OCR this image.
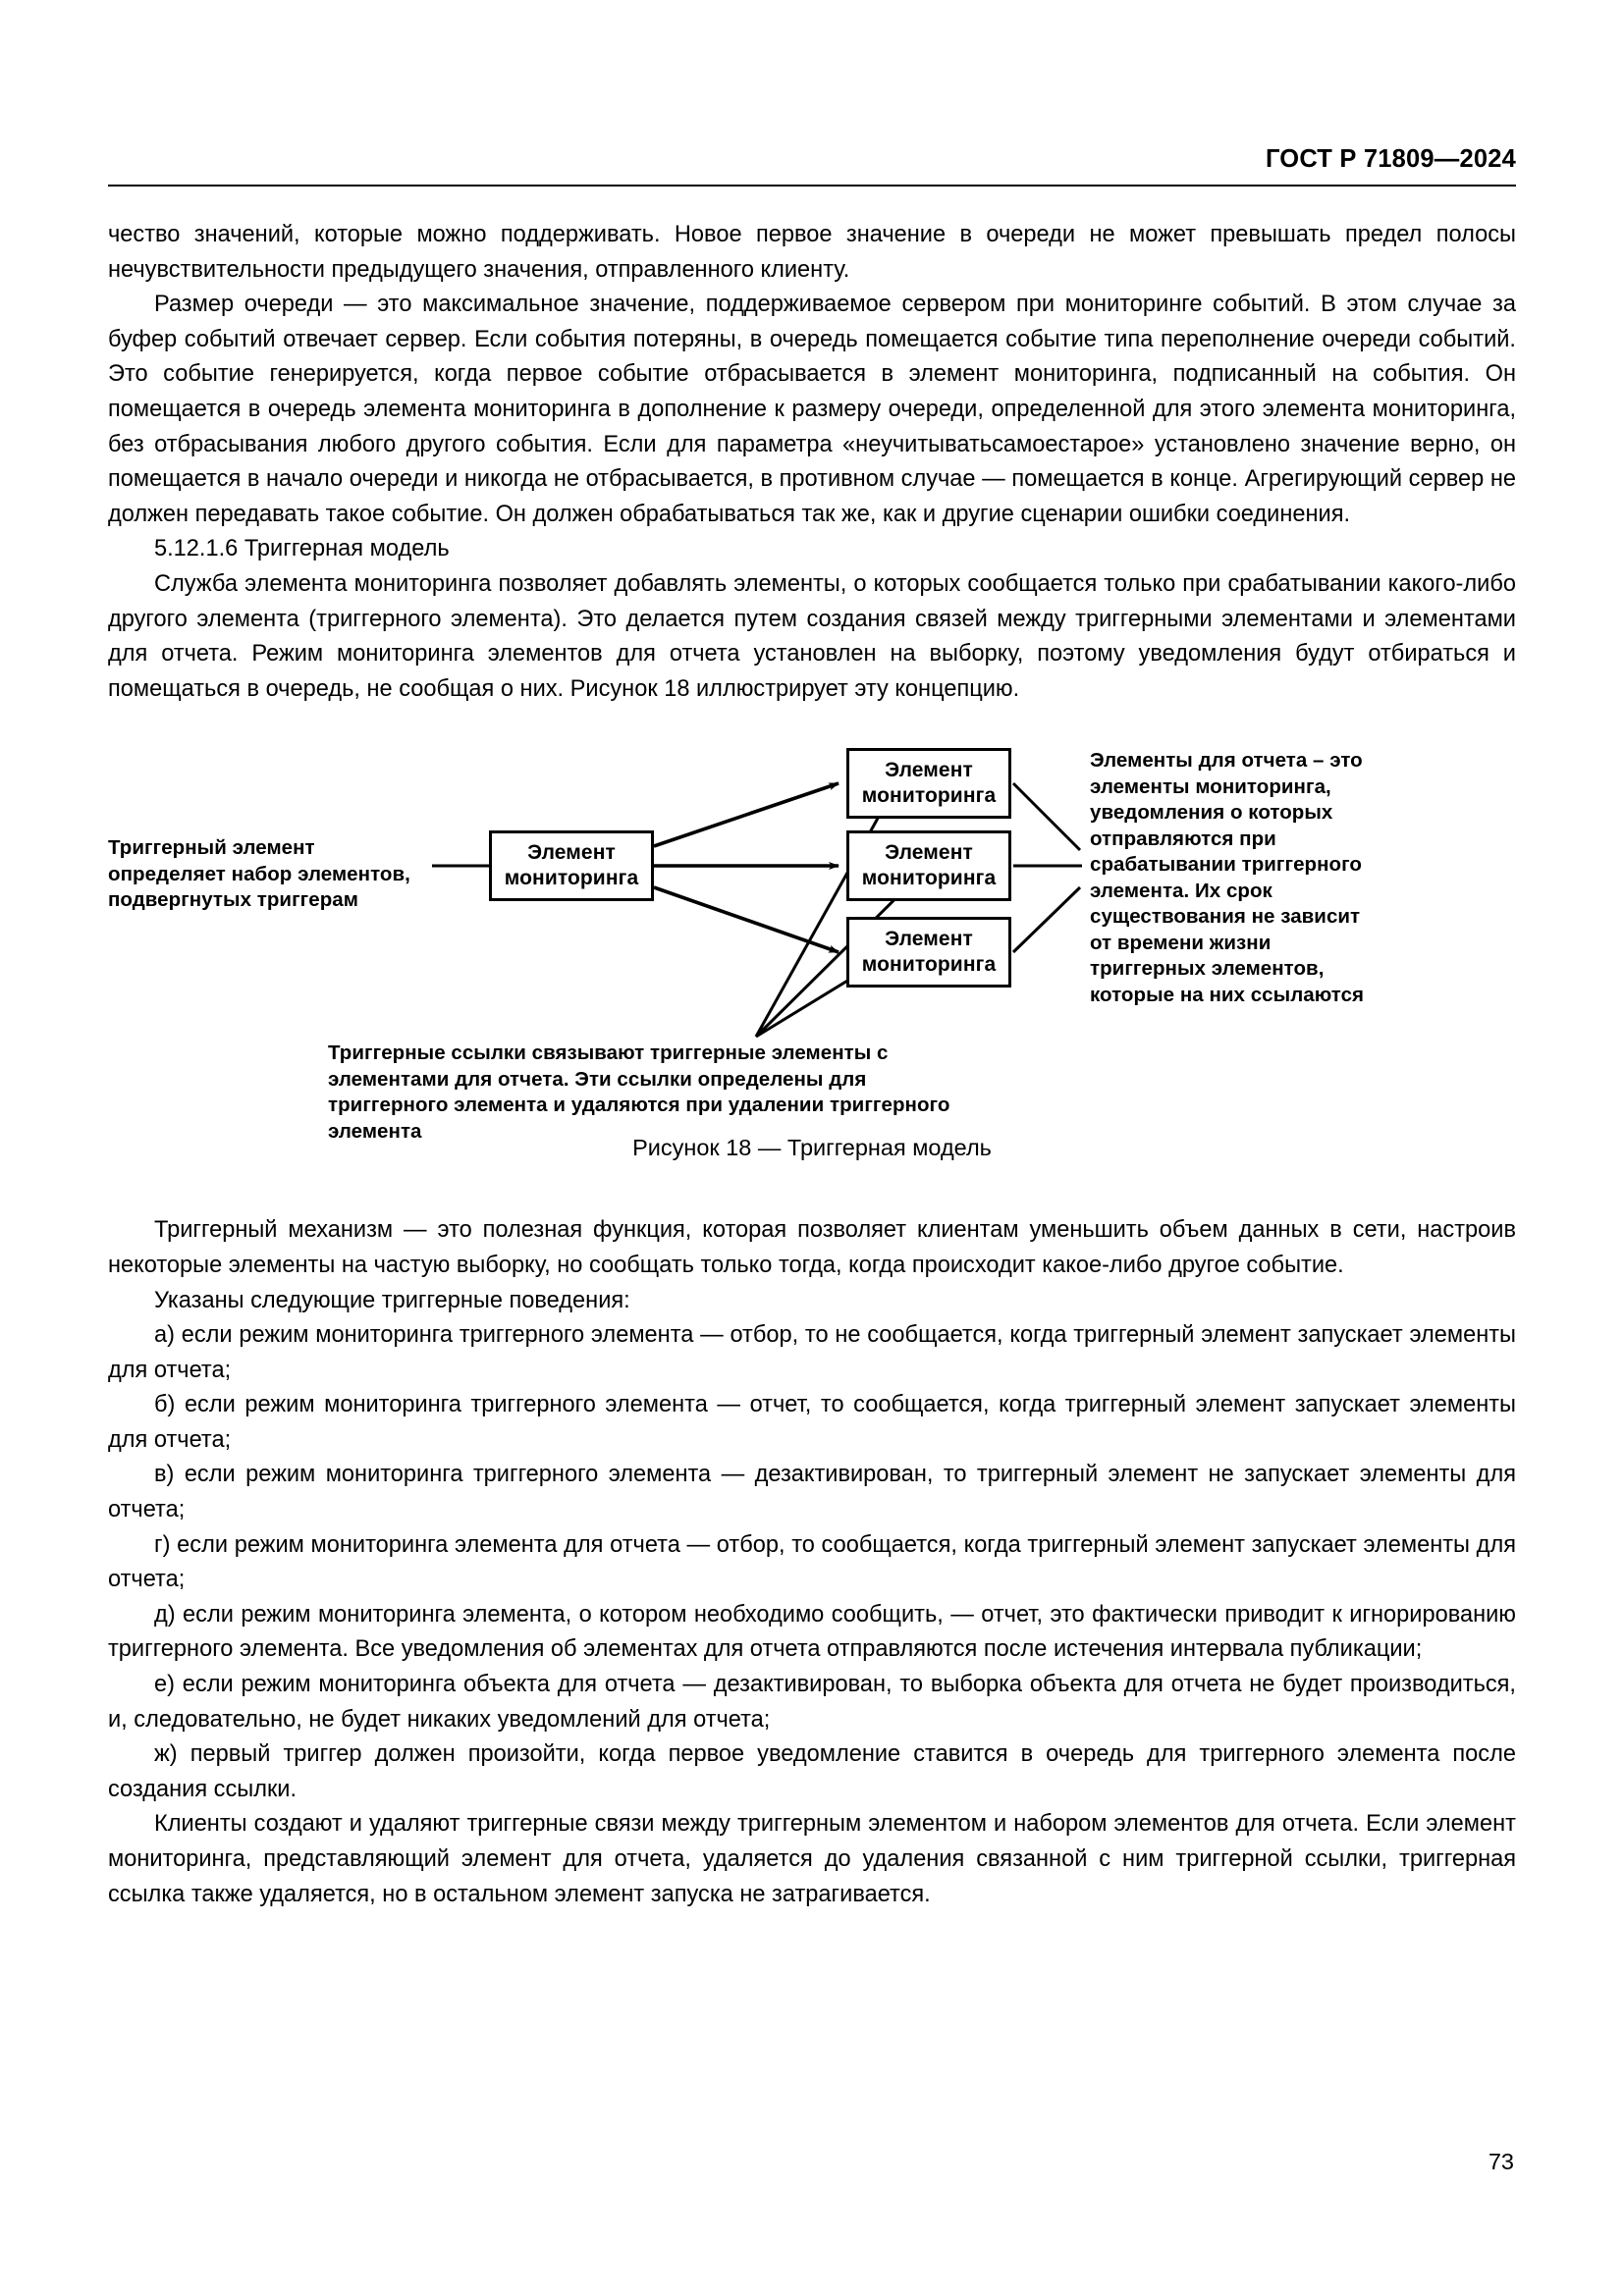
ГОСТ Р 71809—2024

чество значений, которые можно поддерживать. Новое первое значение в очереди не может превышать предел полосы нечувствительности предыдущего значения, отправленного клиенту.

Размер очереди — это максимальное значение, поддерживаемое сервером при мониторинге событий. В этом случае за буфер событий отвечает сервер. Если события потеряны, в очередь помещается событие типа переполнение очереди событий. Это событие генерируется, когда первое событие отбрасывается в элемент мониторинга, подписанный на события. Он помещается в очередь элемента мониторинга в дополнение к размеру очереди, определенной для этого элемента мониторинга, без отбрасывания любого другого события. Если для параметра «неучитыватьсамоестарое» установлено значение верно, он помещается в начало очереди и никогда не отбрасывается, в противном случае — помещается в конце. Агрегирующий сервер не должен передавать такое событие. Он должен обрабатываться так же, как и другие сценарии ошибки соединения.

5.12.1.6 Триггерная модель

Служба элемента мониторинга позволяет добавлять элементы, о которых сообщается только при срабатывании какого-либо другого элемента (триггерного элемента). Это делается путем создания связей между триггерными элементами и элементами для отчета. Режим мониторинга элементов для отчета установлен на выборку, поэтому уведомления будут отбираться и помещаться в очередь, не сообщая о них. Рисунок 18 иллюстрирует эту концепцию.

Триггерный элемент определяет набор элементов, подвергнутых триггерам
Элемент
мониторинга
Элемент
мониторинга
Элемент
мониторинга
Элемент
мониторинга
Элементы для отчета – это элементы мониторинга, уведомления о которых отправляются при срабатывании триггерного элемента. Их срок существования не зависит от времени жизни триггерных элементов, которые на них ссылаются
Триггерные ссылки связывают триггерные элементы с элементами для отчета. Эти ссылки определены для триггерного элемента и удаляются при удалении триггерного элемента
Рисунок 18 — Триггерная модель

Триггерный механизм — это полезная функция, которая позволяет клиентам уменьшить объем данных в сети, настроив некоторые элементы на частую выборку, но сообщать только тогда, когда происходит какое-либо другое событие.

Указаны следующие триггерные поведения:

а) если режим мониторинга триггерного элемента — отбор, то не сообщается, когда триггерный элемент запускает элементы для отчета;

б) если режим мониторинга триггерного элемента — отчет, то сообщается, когда триггерный элемент запускает элементы для отчета;

в) если режим мониторинга триггерного элемента — дезактивирован, то триггерный элемент не запускает элементы для отчета;

г) если режим мониторинга элемента для отчета — отбор, то сообщается, когда триггерный элемент запускает элементы для отчета;

д) если режим мониторинга элемента, о котором необходимо сообщить, — отчет, это фактически приводит к игнорированию триггерного элемента. Все уведомления об элементах для отчета отправляются после истечения интервала публикации;

е) если режим мониторинга объекта для отчета — дезактивирован, то выборка объекта для отчета не будет производиться, и, следовательно, не будет никаких уведомлений для отчета;

ж) первый триггер должен произойти, когда первое уведомление ставится в очередь для триггерного элемента после создания ссылки.

Клиенты создают и удаляют триггерные связи между триггерным элементом и набором элементов для отчета. Если элемент мониторинга, представляющий элемент для отчета, удаляется до удаления связанной с ним триггерной ссылки, триггерная ссылка также удаляется, но в остальном элемент запуска не затрагивается.

73
